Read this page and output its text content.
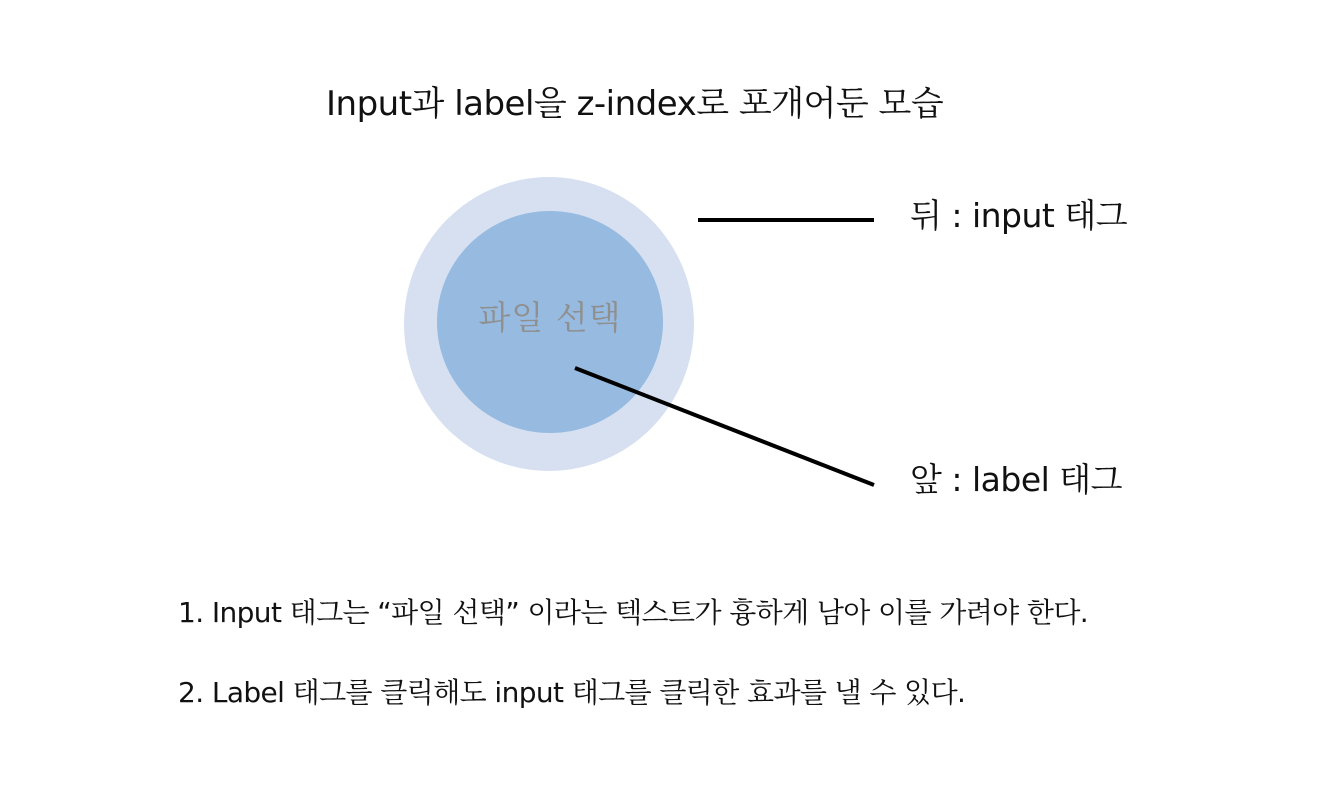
Input과 label을 z-index로 포개어둔 모습
파일 선택
뒤 : input 태그
앞 : label 태그
1. Input 태그는 “파일 선택” 이라는 텍스트가 흉하게 남아 이를 가려야 한다.
2. Label 태그를 클릭해도 input 태그를 클릭한 효과를 낼 수 있다.
